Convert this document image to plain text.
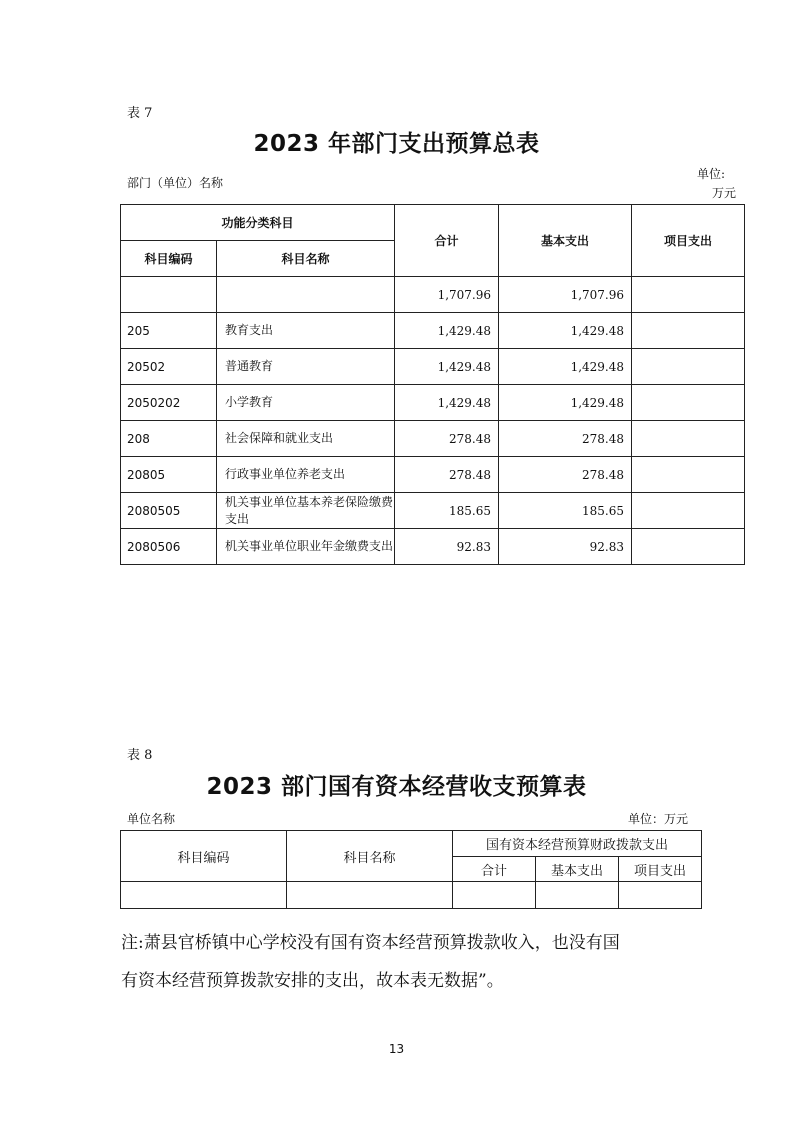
表 7
2023 年部门支出预算总表
部门（单位）名称
单位:
万元
功能分类科目		合计	基本支出	项目支出
科目编码	科目名称			
		1,707.96	1,707.96	
205	教育支出	1,429.48	1,429.48	
20502	普通教育	1,429.48	1,429.48	
2050202	小学教育	1,429.48	1,429.48	
208	社会保障和就业支出	278.48	278.48	
20805	行政事业单位养老支出	278.48	278.48	
2080505	机关事业单位基本养老保险缴费支出	185.65	185.65	
2080506	机关事业单位职业年金缴费支出	92.83	92.83	
表 8
2023 部门国有资本经营收支预算表
单位名称	单位：万元
科目编码	科目名称	国有资本经营预算财政拨款支出		
		合计	基本支出	项目支出

注:萧县官桥镇中心学校没有国有资本经营预算拨款收入，也没有国
有资本经营预算拨款安排的支出，故本表无数据”。
13
